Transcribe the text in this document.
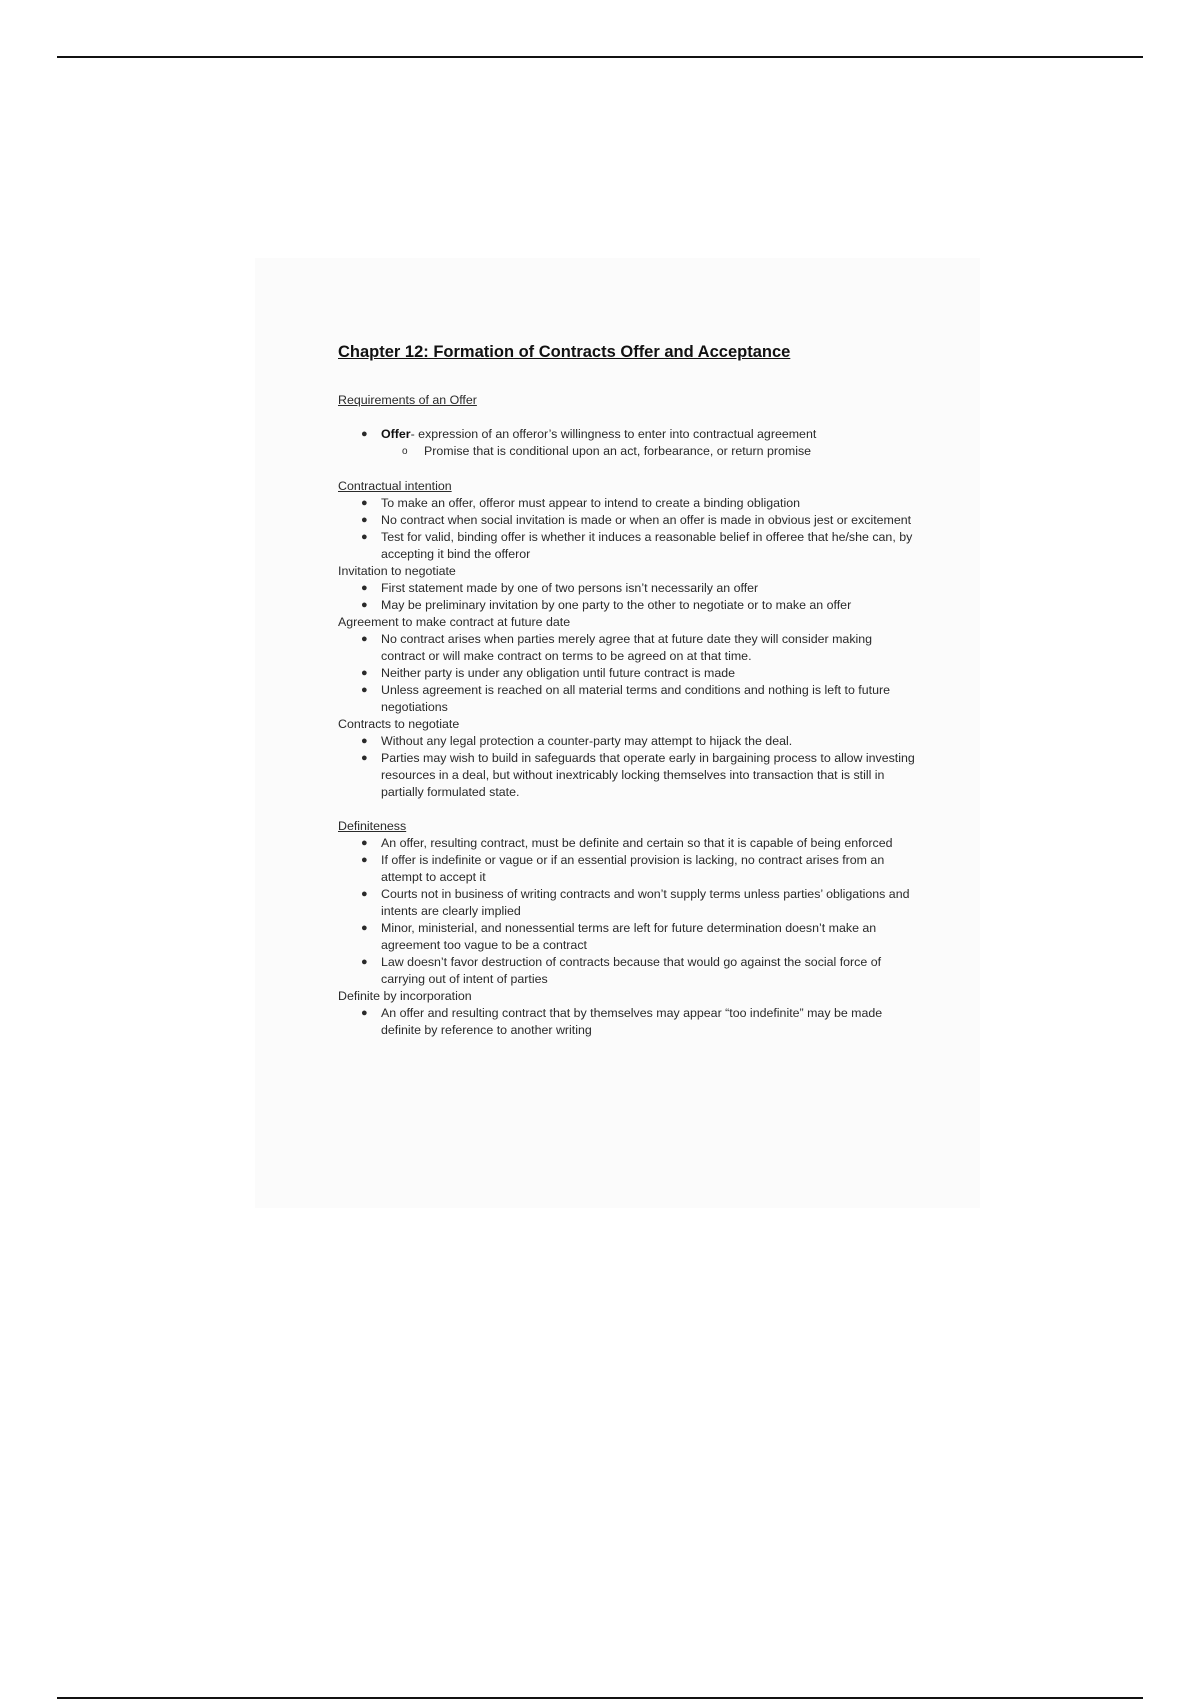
Chapter 12: Formation of Contracts Offer and Acceptance

Requirements of an Offer

● Offer- expression of an offeror’s willingness to enter into contractual agreement
o Promise that is conditional upon an act, forbearance, or return promise

Contractual intention

● To make an offer, offeror must appear to intend to create a binding obligation
● No contract when social invitation is made or when an offer is made in obvious jest or excitement
● Test for valid, binding offer is whether it induces a reasonable belief in offeree that he/she can, by accepting it bind the offeror

Invitation to negotiate

● First statement made by one of two persons isn’t necessarily an offer
● May be preliminary invitation by one party to the other to negotiate or to make an offer

Agreement to make contract at future date

● No contract arises when parties merely agree that at future date they will consider making contract or will make contract on terms to be agreed on at that time.
● Neither party is under any obligation until future contract is made
● Unless agreement is reached on all material terms and conditions and nothing is left to future negotiations

Contracts to negotiate

● Without any legal protection a counter-party may attempt to hijack the deal.
● Parties may wish to build in safeguards that operate early in bargaining process to allow investing resources in a deal, but without inextricably locking themselves into transaction that is still in partially formulated state.

Definiteness

● An offer, resulting contract, must be definite and certain so that it is capable of being enforced
● If offer is indefinite or vague or if an essential provision is lacking, no contract arises from an attempt to accept it
● Courts not in business of writing contracts and won’t supply terms unless parties’ obligations and intents are clearly implied
● Minor, ministerial, and nonessential terms are left for future determination doesn’t make an agreement too vague to be a contract
● Law doesn’t favor destruction of contracts because that would go against the social force of carrying out of intent of parties

Definite by incorporation

● An offer and resulting contract that by themselves may appear “too indefinite” may be made definite by reference to another writing
